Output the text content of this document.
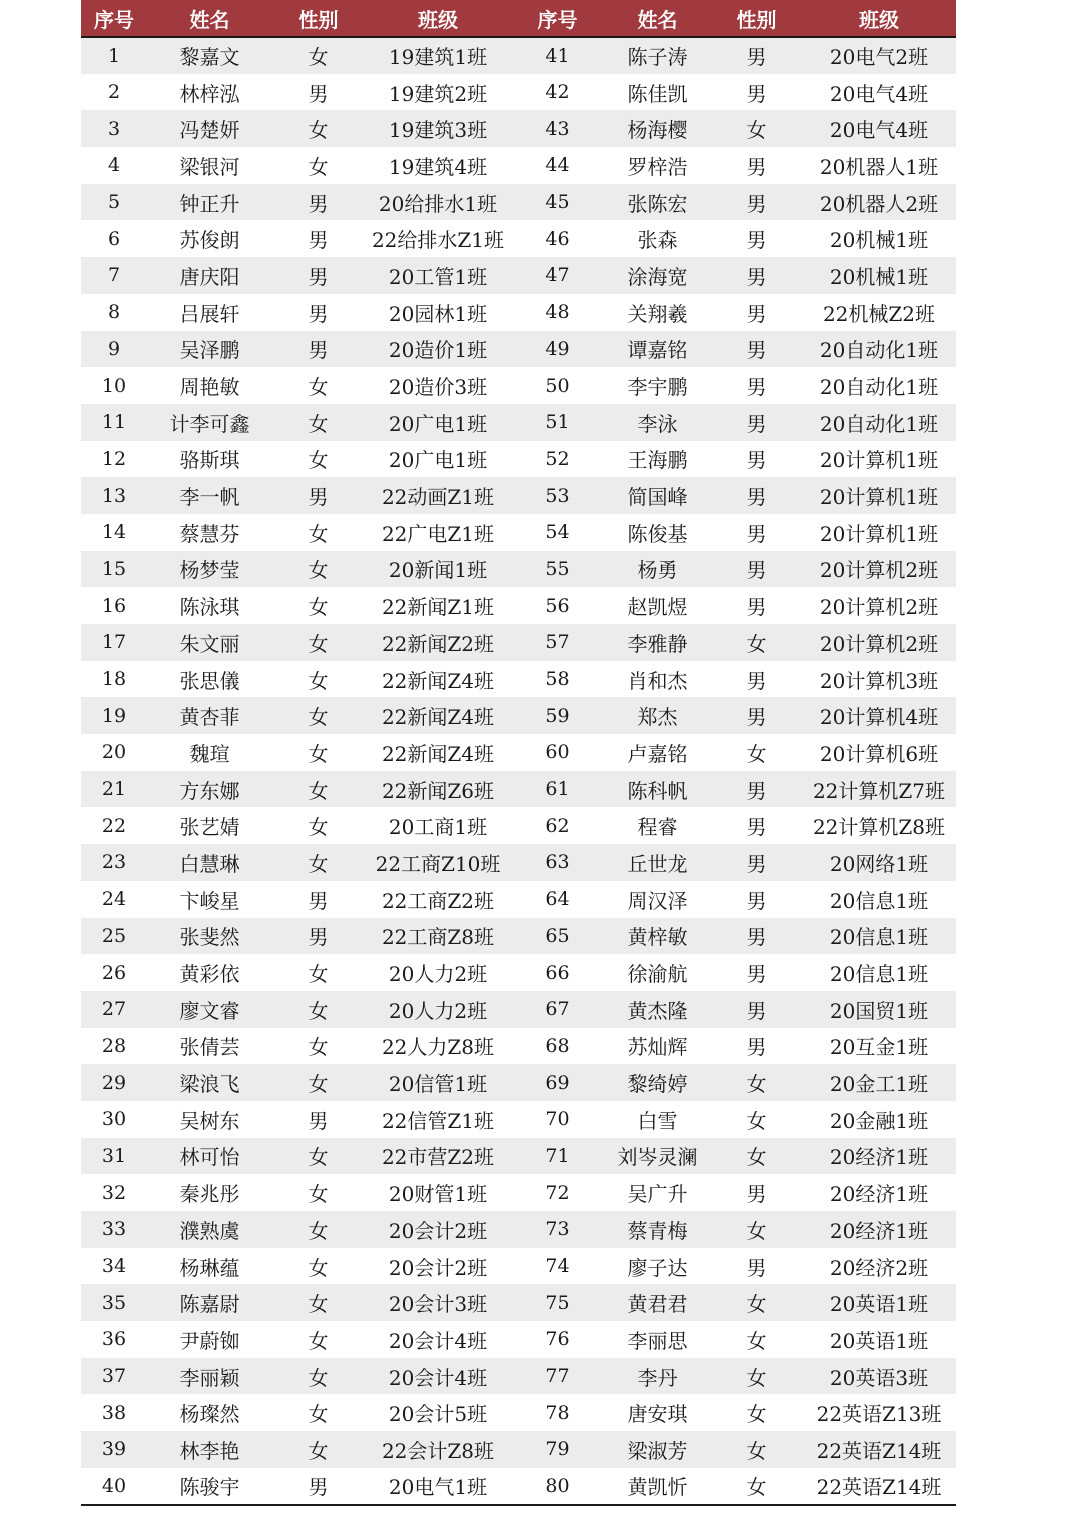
序号	姓名	性别	班级	序号	姓名	性别	班级
1	黎嘉文	女	19建筑1班	41	陈子涛	男	20电气2班
2	林梓泓	男	19建筑2班	42	陈佳凯	男	20电气4班
3	冯楚妍	女	19建筑3班	43	杨海樱	女	20电气4班
4	梁银河	女	19建筑4班	44	罗梓浩	男	20机器人1班
5	钟正升	男	20给排水1班	45	张陈宏	男	20机器人2班
6	苏俊朗	男	22给排水Z1班	46	张森	男	20机械1班
7	唐庆阳	男	20工管1班	47	涂海宽	男	20机械1班
8	吕展轩	男	20园林1班	48	关翔羲	男	22机械Z2班
9	吴泽鹏	男	20造价1班	49	谭嘉铭	男	20自动化1班
10	周艳敏	女	20造价3班	50	李宇鹏	男	20自动化1班
11	计李可鑫	女	20广电1班	51	李泳	男	20自动化1班
12	骆斯琪	女	20广电1班	52	王海鹏	男	20计算机1班
13	李一帆	男	22动画Z1班	53	简国峰	男	20计算机1班
14	蔡慧芬	女	22广电Z1班	54	陈俊基	男	20计算机1班
15	杨梦莹	女	20新闻1班	55	杨勇	男	20计算机2班
16	陈泳琪	女	22新闻Z1班	56	赵凯煜	男	20计算机2班
17	朱文丽	女	22新闻Z2班	57	李雅静	女	20计算机2班
18	张思儀	女	22新闻Z4班	58	肖和杰	男	20计算机3班
19	黄杏菲	女	22新闻Z4班	59	郑杰	男	20计算机4班
20	魏瑄	女	22新闻Z4班	60	卢嘉铭	女	20计算机6班
21	方东娜	女	22新闻Z6班	61	陈科帆	男	22计算机Z7班
22	张艺婧	女	20工商1班	62	程睿	男	22计算机Z8班
23	白慧琳	女	22工商Z10班	63	丘世龙	男	20网络1班
24	卞峻星	男	22工商Z2班	64	周汉泽	男	20信息1班
25	张斐然	男	22工商Z8班	65	黄梓敏	男	20信息1班
26	黄彩依	女	20人力2班	66	徐渝航	男	20信息1班
27	廖文睿	女	20人力2班	67	黄杰隆	男	20国贸1班
28	张倩芸	女	22人力Z8班	68	苏灿辉	男	20互金1班
29	梁浪飞	女	20信管1班	69	黎绮婷	女	20金工1班
30	吴树东	男	22信管Z1班	70	白雪	女	20金融1班
31	林可怡	女	22市营Z2班	71	刘岑灵澜	女	20经济1班
32	秦兆彤	女	20财管1班	72	吴广升	男	20经济1班
33	濮熟虞	女	20会计2班	73	蔡青梅	女	20经济1班
34	杨琳蕴	女	20会计2班	74	廖子达	男	20经济2班
35	陈嘉尉	女	20会计3班	75	黄君君	女	20英语1班
36	尹蔚铷	女	20会计4班	76	李丽思	女	20英语1班
37	李丽颖	女	20会计4班	77	李丹	女	20英语3班
38	杨璨然	女	20会计5班	78	唐安琪	女	22英语Z13班
39	林李艳	女	22会计Z8班	79	梁淑芳	女	22英语Z14班
40	陈骏宇	男	20电气1班	80	黄凯忻	女	22英语Z14班
